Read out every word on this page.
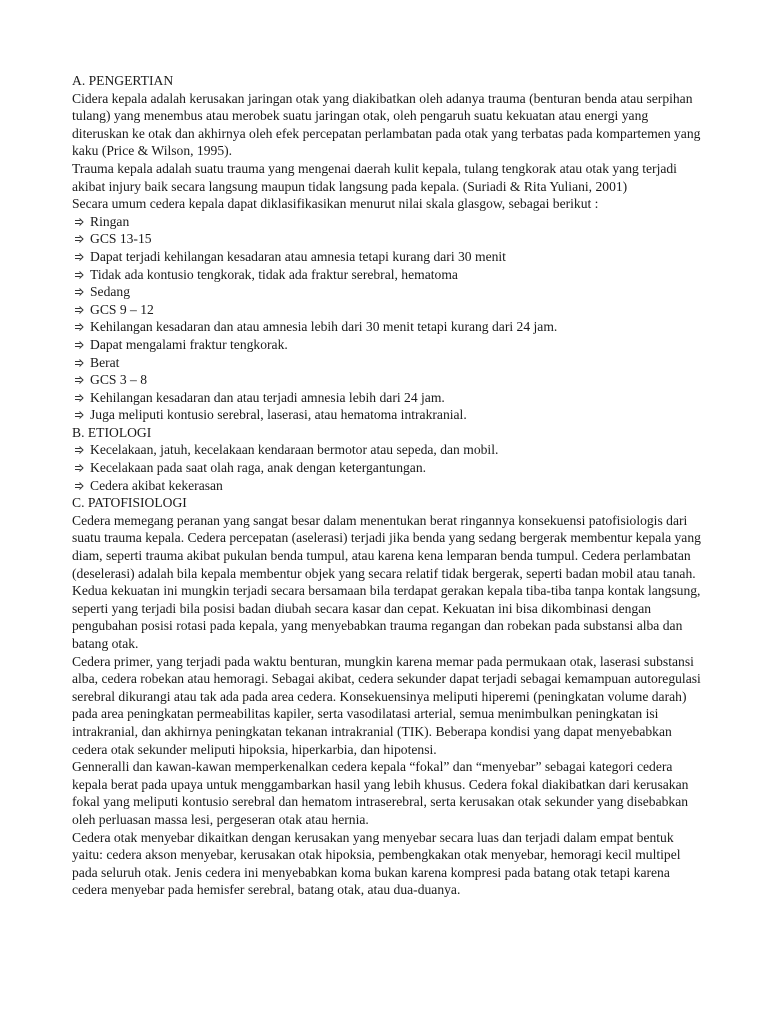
A. PENGERTIAN

Cidera kepala adalah kerusakan jaringan otak yang diakibatkan oleh adanya trauma (benturan benda atau serpihan tulang) yang menembus atau merobek suatu jaringan otak, oleh pengaruh suatu kekuatan atau energi yang diteruskan ke otak dan akhirnya oleh efek percepatan perlambatan pada otak yang terbatas pada kompartemen yang kaku (Price & Wilson, 1995).

Trauma kepala adalah suatu trauma yang mengenai daerah kulit kepala, tulang tengkorak atau otak yang terjadi akibat injury baik secara langsung maupun tidak langsung pada kepala. (Suriadi & Rita Yuliani, 2001)

Secara umum cedera kepala dapat diklasifikasikan menurut nilai skala glasgow, sebagai berikut :

Ringan
GCS 13-15
Dapat terjadi kehilangan kesadaran atau amnesia tetapi kurang dari 30 menit
Tidak ada kontusio tengkorak, tidak ada fraktur serebral, hematoma
Sedang
GCS 9 – 12
Kehilangan kesadaran dan atau amnesia lebih dari 30 menit tetapi kurang dari 24 jam.
Dapat mengalami fraktur tengkorak.
Berat
GCS 3 – 8
Kehilangan kesadaran dan atau terjadi amnesia lebih dari 24 jam.
Juga meliputi kontusio serebral, laserasi, atau hematoma intrakranial.
B. ETIOLOGI
Kecelakaan, jatuh, kecelakaan kendaraan bermotor atau sepeda, dan mobil.
Kecelakaan pada saat olah raga, anak dengan ketergantungan.
Cedera akibat kekerasan
C. PATOFISIOLOGI

Cedera memegang peranan yang sangat besar dalam menentukan berat ringannya konsekuensi patofisiologis dari suatu trauma kepala. Cedera percepatan (aselerasi) terjadi jika benda yang sedang bergerak membentur kepala yang diam, seperti trauma akibat pukulan benda tumpul, atau karena kena lemparan benda tumpul. Cedera perlambatan (deselerasi) adalah bila kepala membentur objek yang secara relatif tidak bergerak, seperti badan mobil atau tanah. Kedua kekuatan ini mungkin terjadi secara bersamaan bila terdapat gerakan kepala tiba-tiba tanpa kontak langsung, seperti yang terjadi bila posisi badan diubah secara kasar dan cepat. Kekuatan ini bisa dikombinasi dengan pengubahan posisi rotasi pada kepala, yang menyebabkan trauma regangan dan robekan pada substansi alba dan batang otak.

Cedera primer, yang terjadi pada waktu benturan, mungkin karena memar pada permukaan otak, laserasi substansi alba, cedera robekan atau hemoragi. Sebagai akibat, cedera sekunder dapat terjadi sebagai kemampuan autoregulasi serebral dikurangi atau tak ada pada area cedera. Konsekuensinya meliputi hiperemi (peningkatan volume darah) pada area peningkatan permeabilitas kapiler, serta vasodilatasi arterial, semua menimbulkan peningkatan isi intrakranial, dan akhirnya peningkatan tekanan intrakranial (TIK). Beberapa kondisi yang dapat menyebabkan cedera otak sekunder meliputi hipoksia, hiperkarbia, dan hipotensi.

Genneralli dan kawan-kawan memperkenalkan cedera kepala “fokal” dan “menyebar” sebagai kategori cedera kepala berat pada upaya untuk menggambarkan hasil yang lebih khusus. Cedera fokal diakibatkan dari kerusakan fokal yang meliputi kontusio serebral dan hematom intraserebral, serta kerusakan otak sekunder yang disebabkan oleh perluasan massa lesi, pergeseran otak atau hernia.

Cedera otak menyebar dikaitkan dengan kerusakan yang menyebar secara luas dan terjadi dalam empat bentuk yaitu: cedera akson menyebar, kerusakan otak hipoksia, pembengkakan otak menyebar, hemoragi kecil multipel pada seluruh otak. Jenis cedera ini menyebabkan koma bukan karena kompresi pada batang otak tetapi karena cedera menyebar pada hemisfer serebral, batang otak, atau dua-duanya.
